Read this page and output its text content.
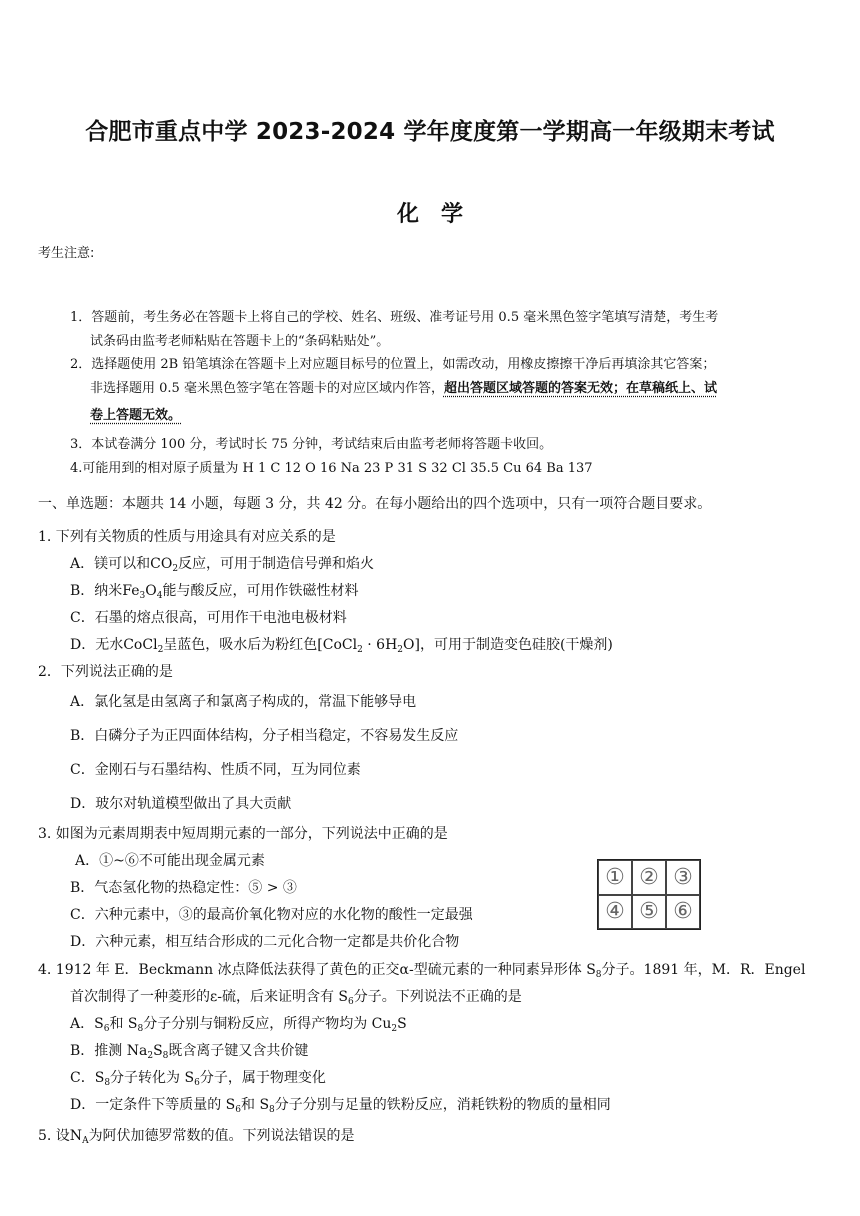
合肥市重点中学 2023-2024 学年度度第一学期高一年级期末考试
化学
考生注意:
1．答题前，考生务必在答题卡上将自己的学校、姓名、班级、准考证号用 0.5 毫米黑色签字笔填写清楚，考生考
试条码由监考老师粘贴在答题卡上的“条码粘贴处”。
2．选择题使用 2B 铅笔填涂在答题卡上对应题目标号的位置上，如需改动，用橡皮擦擦干净后再填涂其它答案；
非选择题用 0.5 毫米黑色签字笔在答题卡的对应区域内作答，超出答题区域答题的答案无效；在草稿纸上、试
卷上答题无效。
3．本试卷满分 100 分，考试时长 75 分钟，考试结束后由监考老师将答题卡收回。
4.可能用到的相对原子质量为 H 1 C 12 O 16 Na 23 P 31 S 32 Cl 35.5 Cu 64 Ba 137
一、单选题：本题共 14 小题，每题 3 分，共 42 分。在每小题给出的四个选项中，只有一项符合题目要求。
1. 下列有关物质的性质与用途具有对应关系的是
A．镁可以和$CO_2$反应，可用于制造信号弹和焰火
B．纳米$Fe_3O_4$能与酸反应，可用作铁磁性材料
C．石墨的熔点很高，可用作干电池电极材料
D．无水CoCl$_2$呈蓝色，吸水后为粉红色[CoCl$_2$ · $6H_2O$]，可用于制造变色硅胶(干燥剂)
2．下列说法正确的是
A．氯化氢是由氢离子和氯离子构成的，常温下能够导电
B．白磷分子为正四面体结构，分子相当稳定，不容易发生反应
C．金刚石与石墨结构、性质不同，互为同位素
D．玻尔对轨道模型做出了具大贡献
3. 如图为元素周期表中短周期元素的一部分，下列说法中正确的是
A．①~⑥不可能出现金属元素
B．气态氢化物的热稳定性：⑤ > ③
C．六种元素中，③的最高价氧化物对应的水化物的酸性一定最强
D．六种元素，相互结合形成的二元化合物一定都是共价化合物
① ② ③
④ ⑤ ⑥
4. 1912 年 E．Beckmann 冰点降低法获得了黄色的正交α-型硫元素的一种同素异形体 $S_8$分子。1891 年，M．R．Engel
首次制得了一种菱形的ε-硫，后来证明含有 $S_6$分子。下列说法不正确的是
A．$S_6$和 $S_8$分子分别与铜粉反应，所得产物均为 $Cu_2S$
B．推测 $Na_2S_8$既含离子键又含共价键
C．$S_8$分子转化为 $S_6$分子，属于物理变化
D．一定条件下等质量的 $S_6$和 $S_8$分子分别与足量的铁粉反应，消耗铁粉的物质的量相同
5. 设$N_A$为阿伏加德罗常数的值。下列说法错误的是
